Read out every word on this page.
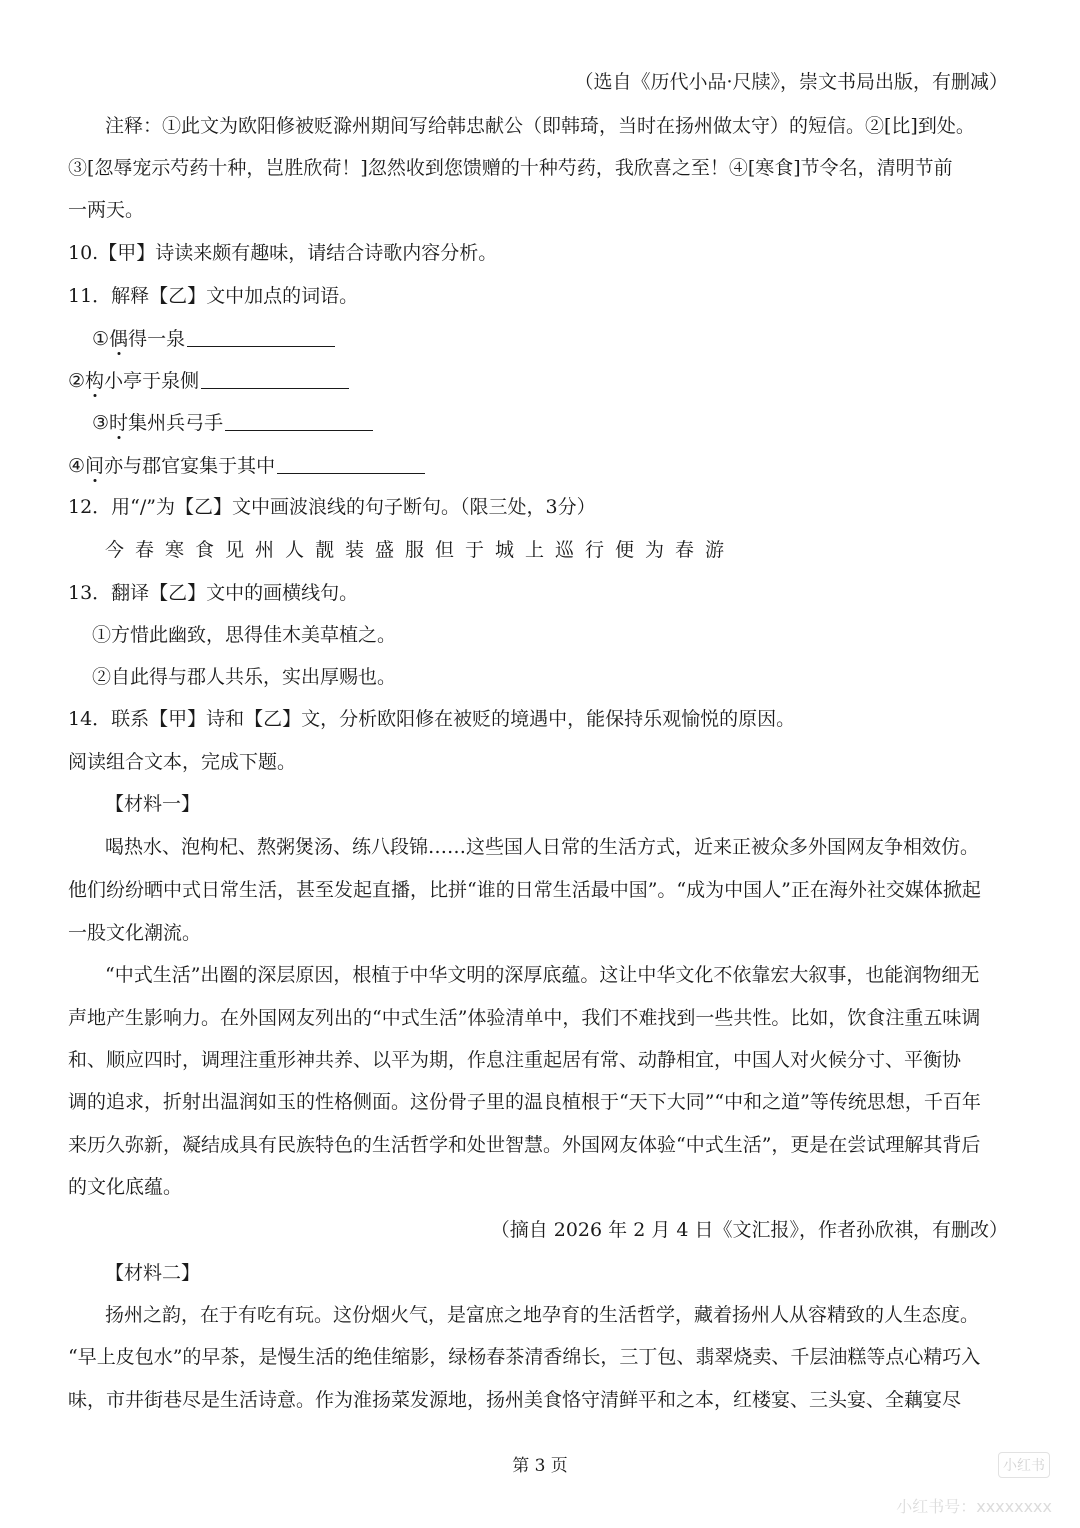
（选自《历代小品·尺牍》，崇文书局出版，有删减）
注释：①此文为欧阳修被贬滁州期间写给韩忠献公（即韩琦，当时在扬州做太守）的短信。②[比]到处。
③[忽辱宠示芍药十种，岂胜欣荷！]忽然收到您馈赠的十种芍药，我欣喜之至！④[寒食]节令名，清明节前
一两天。
10.【甲】诗读来颇有趣味，请结合诗歌内容分析。
11．解释【乙】文中加点的词语。
①偶得一泉
②构小亭于泉侧
③时集州兵弓手
④间亦与郡官宴集于其中
12．用“/”为【乙】文中画波浪线的句子断句。（限三处，3分）
今春寒食见州人靓装盛服但于城上巡行便为春游
13．翻译【乙】文中的画横线句。
①方惜此幽致，思得佳木美草植之。
②自此得与郡人共乐，实出厚赐也。
14．联系【甲】诗和【乙】文，分析欧阳修在被贬的境遇中，能保持乐观愉悦的原因。
阅读组合文本，完成下题。
【材料一】
喝热水、泡枸杞、熬粥煲汤、练八段锦……这些国人日常的生活方式，近来正被众多外国网友争相效仿。
他们纷纷晒中式日常生活，甚至发起直播，比拼“谁的日常生活最中国”。“成为中国人”正在海外社交媒体掀起
一股文化潮流。
“中式生活”出圈的深层原因，根植于中华文明的深厚底蕴。这让中华文化不依靠宏大叙事，也能润物细无
声地产生影响力。在外国网友列出的“中式生活”体验清单中，我们不难找到一些共性。比如，饮食注重五味调
和、顺应四时，调理注重形神共养、以平为期，作息注重起居有常、动静相宜，中国人对火候分寸、平衡协
调的追求，折射出温润如玉的性格侧面。这份骨子里的温良植根于“天下大同”“中和之道”等传统思想，千百年
来历久弥新，凝结成具有民族特色的生活哲学和处世智慧。外国网友体验“中式生活”，更是在尝试理解其背后
的文化底蕴。
（摘自 2026 年 2 月 4 日《文汇报》，作者孙欣祺，有删改）
【材料二】
扬州之韵，在于有吃有玩。这份烟火气，是富庶之地孕育的生活哲学，藏着扬州人从容精致的人生态度。
“早上皮包水”的早茶，是慢生活的绝佳缩影，绿杨春茶清香绵长，三丁包、翡翠烧卖、千层油糕等点心精巧入
味，市井街巷尽是生活诗意。作为淮扬菜发源地，扬州美食恪守清鲜平和之本，红楼宴、三头宴、全藕宴尽
第 3 页	小红书
小红书号：xxxxxxxx
